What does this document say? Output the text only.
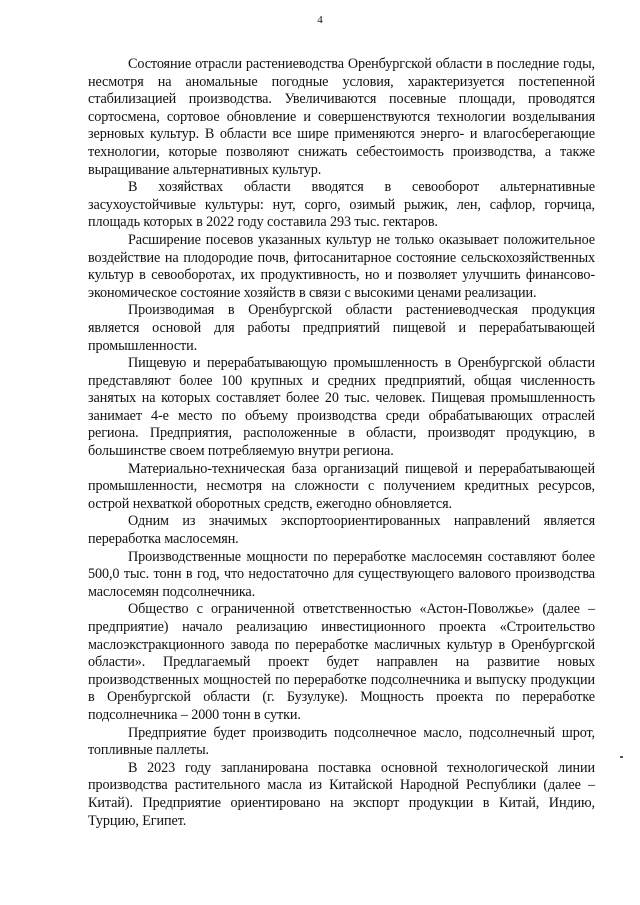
4

Состояние отрасли растениеводства Оренбургской области в последние годы, несмотря на аномальные погодные условия, характеризуется постепенной стабилизацией производства. Увеличиваются посевные площади, проводятся сортосмена, сортовое обновление и совершенствуются технологии возделывания зерновых культур. В области все шире применяются энерго- и влагосберегающие технологии, которые позволяют снижать себестоимость производства, а также выращивание альтернативных культур.

В хозяйствах области вводятся в севооборот альтернативные засухоустойчивые культуры: нут, сорго, озимый рыжик, лен, сафлор, горчица, площадь которых в 2022 году составила 293 тыс. гектаров.

Расширение посевов указанных культур не только оказывает положительное воздействие на плодородие почв, фитосанитарное состояние сельскохозяйственных культур в севооборотах, их продуктивность, но и позволяет улучшить финансово-экономическое состояние хозяйств в связи с высокими ценами реализации.

Производимая в Оренбургской области растениеводческая продукция является основой для работы предприятий пищевой и перерабатывающей промышленности.

Пищевую и перерабатывающую промышленность в Оренбургской области представляют более 100 крупных и средних предприятий, общая численность занятых на которых составляет более 20 тыс. человек. Пищевая промышленность занимает 4-е место по объему производства среди обрабатывающих отраслей региона. Предприятия, расположенные в области, производят продукцию, в большинстве своем потребляемую внутри региона.

Материально-техническая база организаций пищевой и перерабатывающей промышленности, несмотря на сложности с получением кредитных ресурсов, острой нехваткой оборотных средств, ежегодно обновляется.

Одним из значимых экспортоориентированных направлений является переработка маслосемян.

Производственные мощности по переработке маслосемян составляют более 500,0 тыс. тонн в год, что недостаточно для существующего валового производства маслосемян подсолнечника.

Общество с ограниченной ответственностью «Астон-Поволжье» (далее – предприятие) начало реализацию инвестиционного проекта «Строительство маслоэкстракционного завода по переработке масличных культур в Оренбургской области». Предлагаемый проект будет направлен на развитие новых производственных мощностей по переработке подсолнечника и выпуску продукции в Оренбургской области (г. Бузулуке). Мощность проекта по переработке подсолнечника – 2000 тонн в сутки.

Предприятие будет производить подсолнечное масло, подсолнечный шрот, топливные паллеты.

В 2023 году запланирована поставка основной технологической линии производства растительного масла из Китайской Народной Республики (далее – Китай). Предприятие ориентировано на экспорт продукции в Китай, Индию, Турцию, Египет.
